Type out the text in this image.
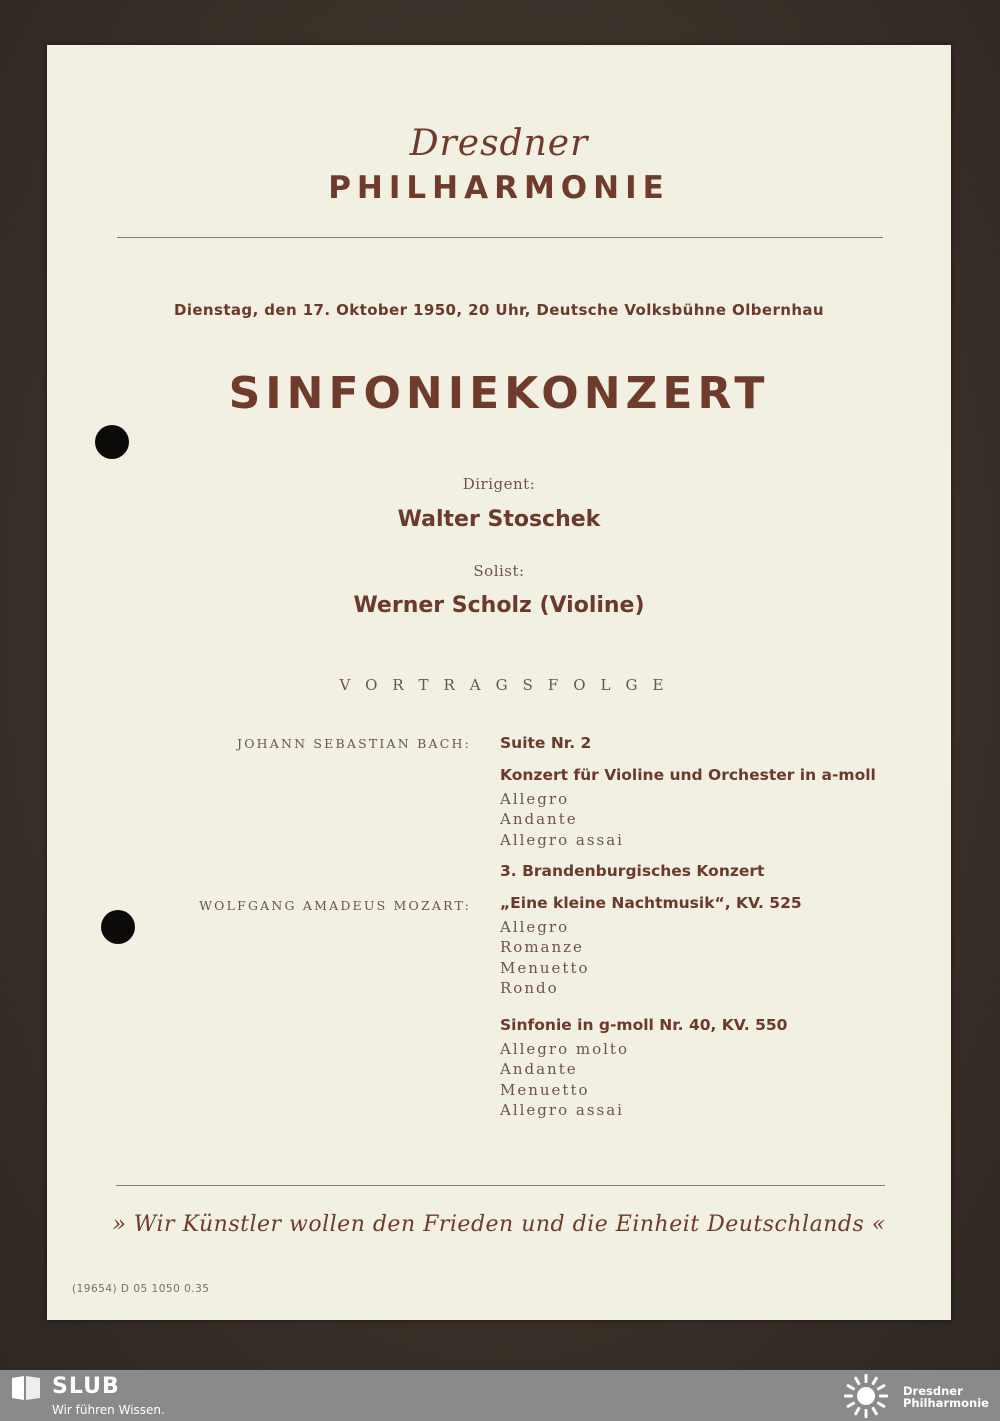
Dresdner
PHILHARMONIE
Dienstag, den 17. Oktober 1950, 20 Uhr, Deutsche Volksbühne Olbernhau
SINFONIEKONZERT
Dirigent:
Walter Stoschek
Solist:
Werner Scholz (Violine)
VORTRAGSFOLGE
JOHANN SEBASTIAN BACH:
WOLFGANG AMADEUS MOZART:
Suite Nr. 2
Konzert für Violine und Orchester in a-moll
Allegro
Andante
Allegro assai
3. Brandenburgisches Konzert
„Eine kleine Nachtmusik“, KV. 525
Allegro
Romanze
Menuetto
Rondo
Sinfonie in g-moll Nr. 40, KV. 550
Allegro molto
Andante
Menuetto
Allegro assai
» Wir Künstler wollen den Frieden und die Einheit Deutschlands «
(19654) D 05 1050 0.35
SLUB
Wir führen Wissen.
Dresdner
Philharmonie
